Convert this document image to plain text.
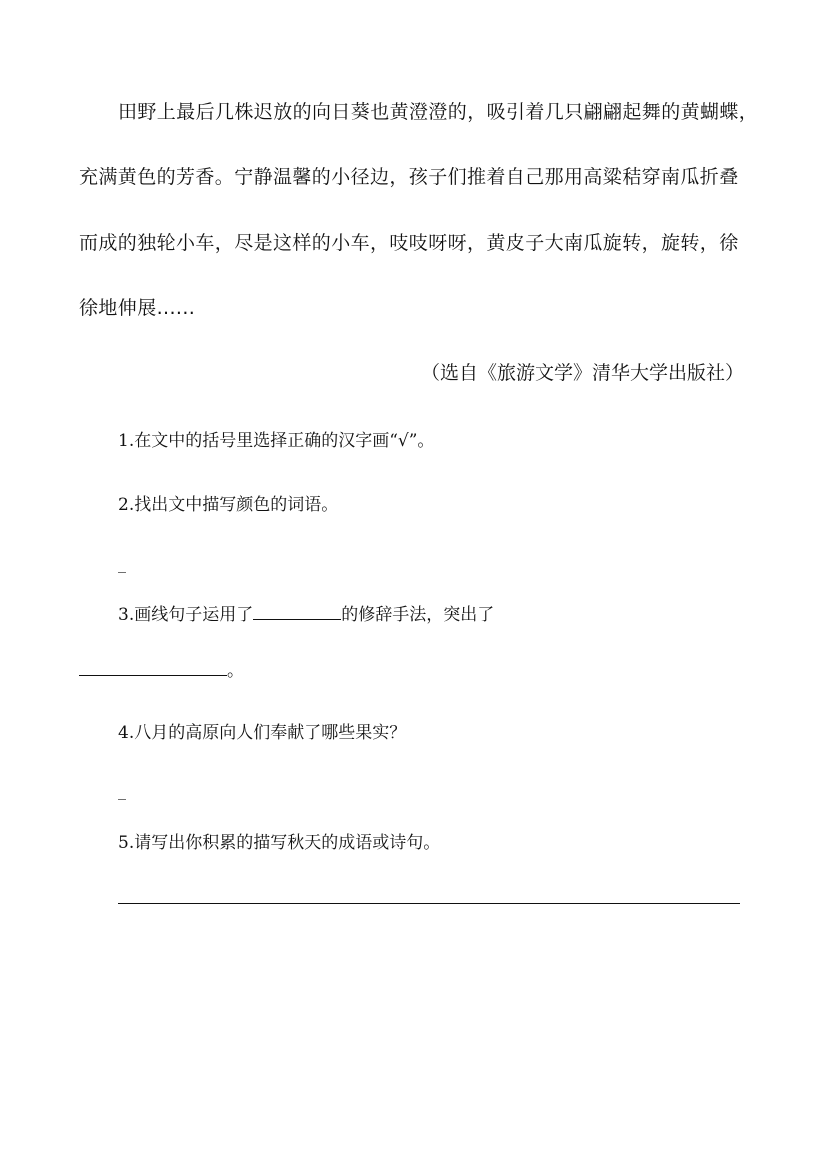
田野上最后几株迟放的向日葵也黄澄澄的，吸引着几只翩翩起舞的黄蝴蝶，
充满黄色的芳香。宁静温馨的小径边，孩子们推着自己那用高粱秸穿南瓜折叠
而成的独轮小车，尽是这样的小车，吱吱呀呀，黄皮子大南瓜旋转，旋转，徐
徐地伸展......
（选自《旅游文学》清华大学出版社）
1.在文中的括号里选择正确的汉字画“√”。
2.找出文中描写颜色的词语。
_
3.画线句子运用了	的修辞手法，突出了
。
4.八月的高原向人们奉献了哪些果实？
_
5.请写出你积累的描写秋天的成语或诗句。
